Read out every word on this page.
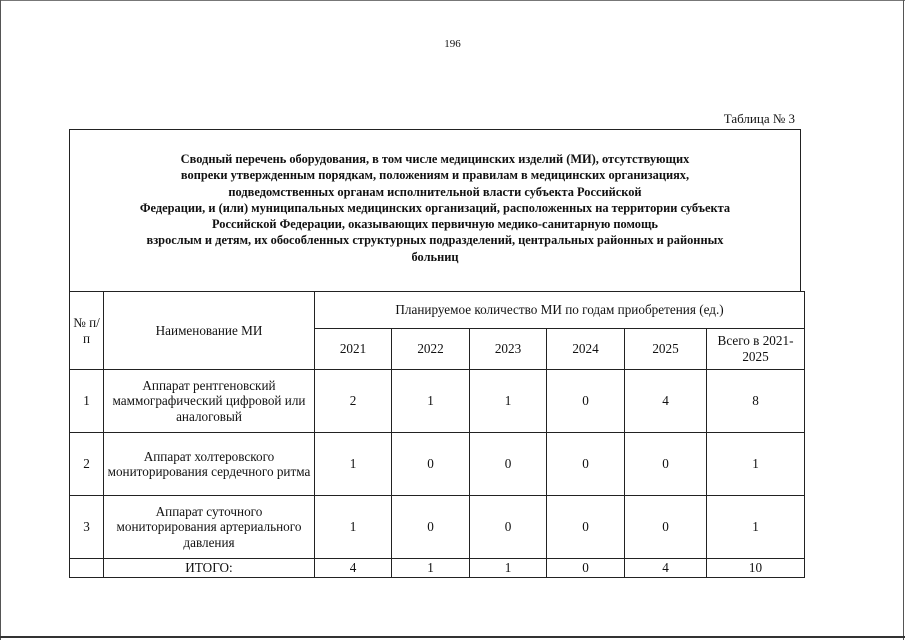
196
Таблица № 3
Сводный перечень оборудования, в том числе медицинских изделий (МИ), отсутствующих
вопреки утвержденным порядкам, положениям и правилам в медицинских организациях,
подведомственных органам исполнительной власти субъекта Российской
Федерации, и (или) муниципальных медицинских организаций, расположенных на территории субъекта
Российской Федерации, оказывающих первичную медико-санитарную помощь
взрослым и детям, их обособленных структурных подразделений, центральных районных и районных
больниц
№ п/п	Наименование МИ	Планируемое количество МИ по годам приобретения (ед.)					
		2021	2022	2023	2024	2025	Всего в 2021-2025
1	Аппарат рентгеновский маммографический цифровой или аналоговый	2	1	1	0	4	8
2	Аппарат холтеровского мониторирования сердечного ритма	1	0	0	0	0	1
3	Аппарат суточного мониторирования артериального давления	1	0	0	0	0	1
	ИТОГО:	4	1	1	0	4	10
